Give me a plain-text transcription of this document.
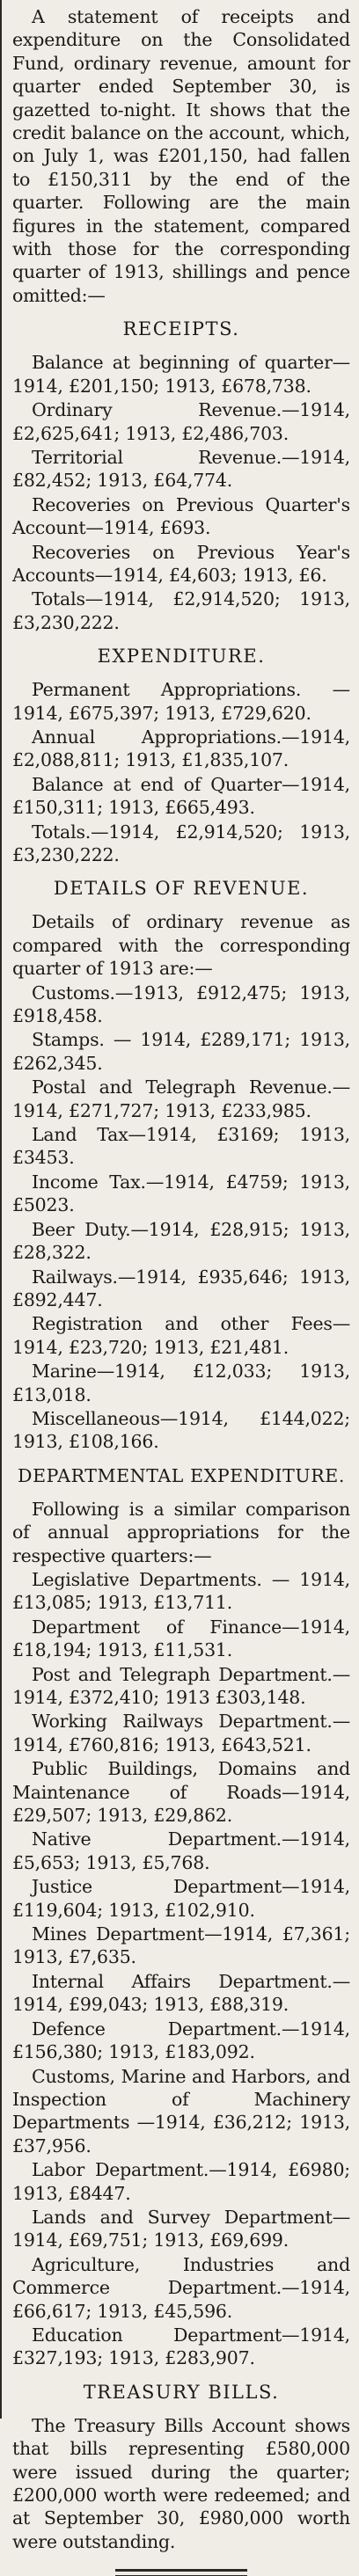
A statement of receipts and expenditure on the Consolidated Fund, ordinary revenue, amount for quarter ended September 30, is gazetted to-night. It shows that the credit balance on the account, which, on July 1, was £201,150, had fallen to £150,311 by the end of the quarter. Following are the main figures in the statement, compared with those for the corresponding quarter of 1913, shillings and pence omitted:—

RECEIPTS.

Balance at beginning of quarter—1914, £201,150; 1913, £678,738.

Ordinary Revenue.—1914, £2,625,641; 1913, £2,486,703.

Territorial Revenue.—1914, £82,452; 1913, £64,774.

Recoveries on Previous Quarter's Account—1914, £693.

Recoveries on Previous Year's Accounts—1914, £4,603; 1913, £6.

Totals—1914, £2,914,520; 1913, £3,230,222.

EXPENDITURE.

Permanent Appropriations. — 1914, £675,397; 1913, £729,620.

Annual Appropriations.—1914, £2,088,811; 1913, £1,835,107.

Balance at end of Quarter—1914, £150,311; 1913, £665,493.

Totals.—1914, £2,914,520; 1913, £3,230,222.

DETAILS OF REVENUE.

Details of ordinary revenue as compared with the corresponding quarter of 1913 are:—

Customs.—1913, £912,475; 1913, £918,458.

Stamps. — 1914, £289,171; 1913, £262,345.

Postal and Telegraph Revenue.—1914, £271,727; 1913, £233,985.

Land Tax—1914, £3169; 1913, £3453.

Income Tax.—1914, £4759; 1913, £5023.

Beer Duty.—1914, £28,915; 1913, £28,322.

Railways.—1914, £935,646; 1913, £892,447.

Registration and other Fees—1914, £23,720; 1913, £21,481.

Marine—1914, £12,033; 1913, £13,018.

Miscellaneous—1914, £144,022; 1913, £108,166.

DEPARTMENTAL EXPENDITURE.

Following is a similar comparison of annual appropriations for the respective quarters:—

Legislative Departments. — 1914, £13,085; 1913, £13,711.

Department of Finance—1914, £18,194; 1913, £11,531.

Post and Telegraph Department.—1914, £372,410; 1913 £303,148.

Working Railways Department.—1914, £760,816; 1913, £643,521.

Public Buildings, Domains and Maintenance of Roads—1914, £29,507; 1913, £29,862.

Native Department.—1914, £5,653; 1913, £5,768.

Justice Department—1914, £119,604; 1913, £102,910.

Mines Department—1914, £7,361; 1913, £7,635.

Internal Affairs Department.—1914, £99,043; 1913, £88,319.

Defence Department.—1914, £156,380; 1913, £183,092.

Customs, Marine and Harbors, and Inspection of Machinery Departments —1914, £36,212; 1913, £37,956.

Labor Department.—1914, £6980; 1913, £8447.

Lands and Survey Department—1914, £69,751; 1913, £69,699.

Agriculture, Industries and Commerce Department.—1914, £66,617; 1913, £45,596.

Education Department—1914, £327,193; 1913, £283,907.

TREASURY BILLS.

The Treasury Bills Account shows that bills representing £580,000 were issued during the quarter; £200,000 worth were redeemed; and at September 30, £980,000 worth were outstanding.
